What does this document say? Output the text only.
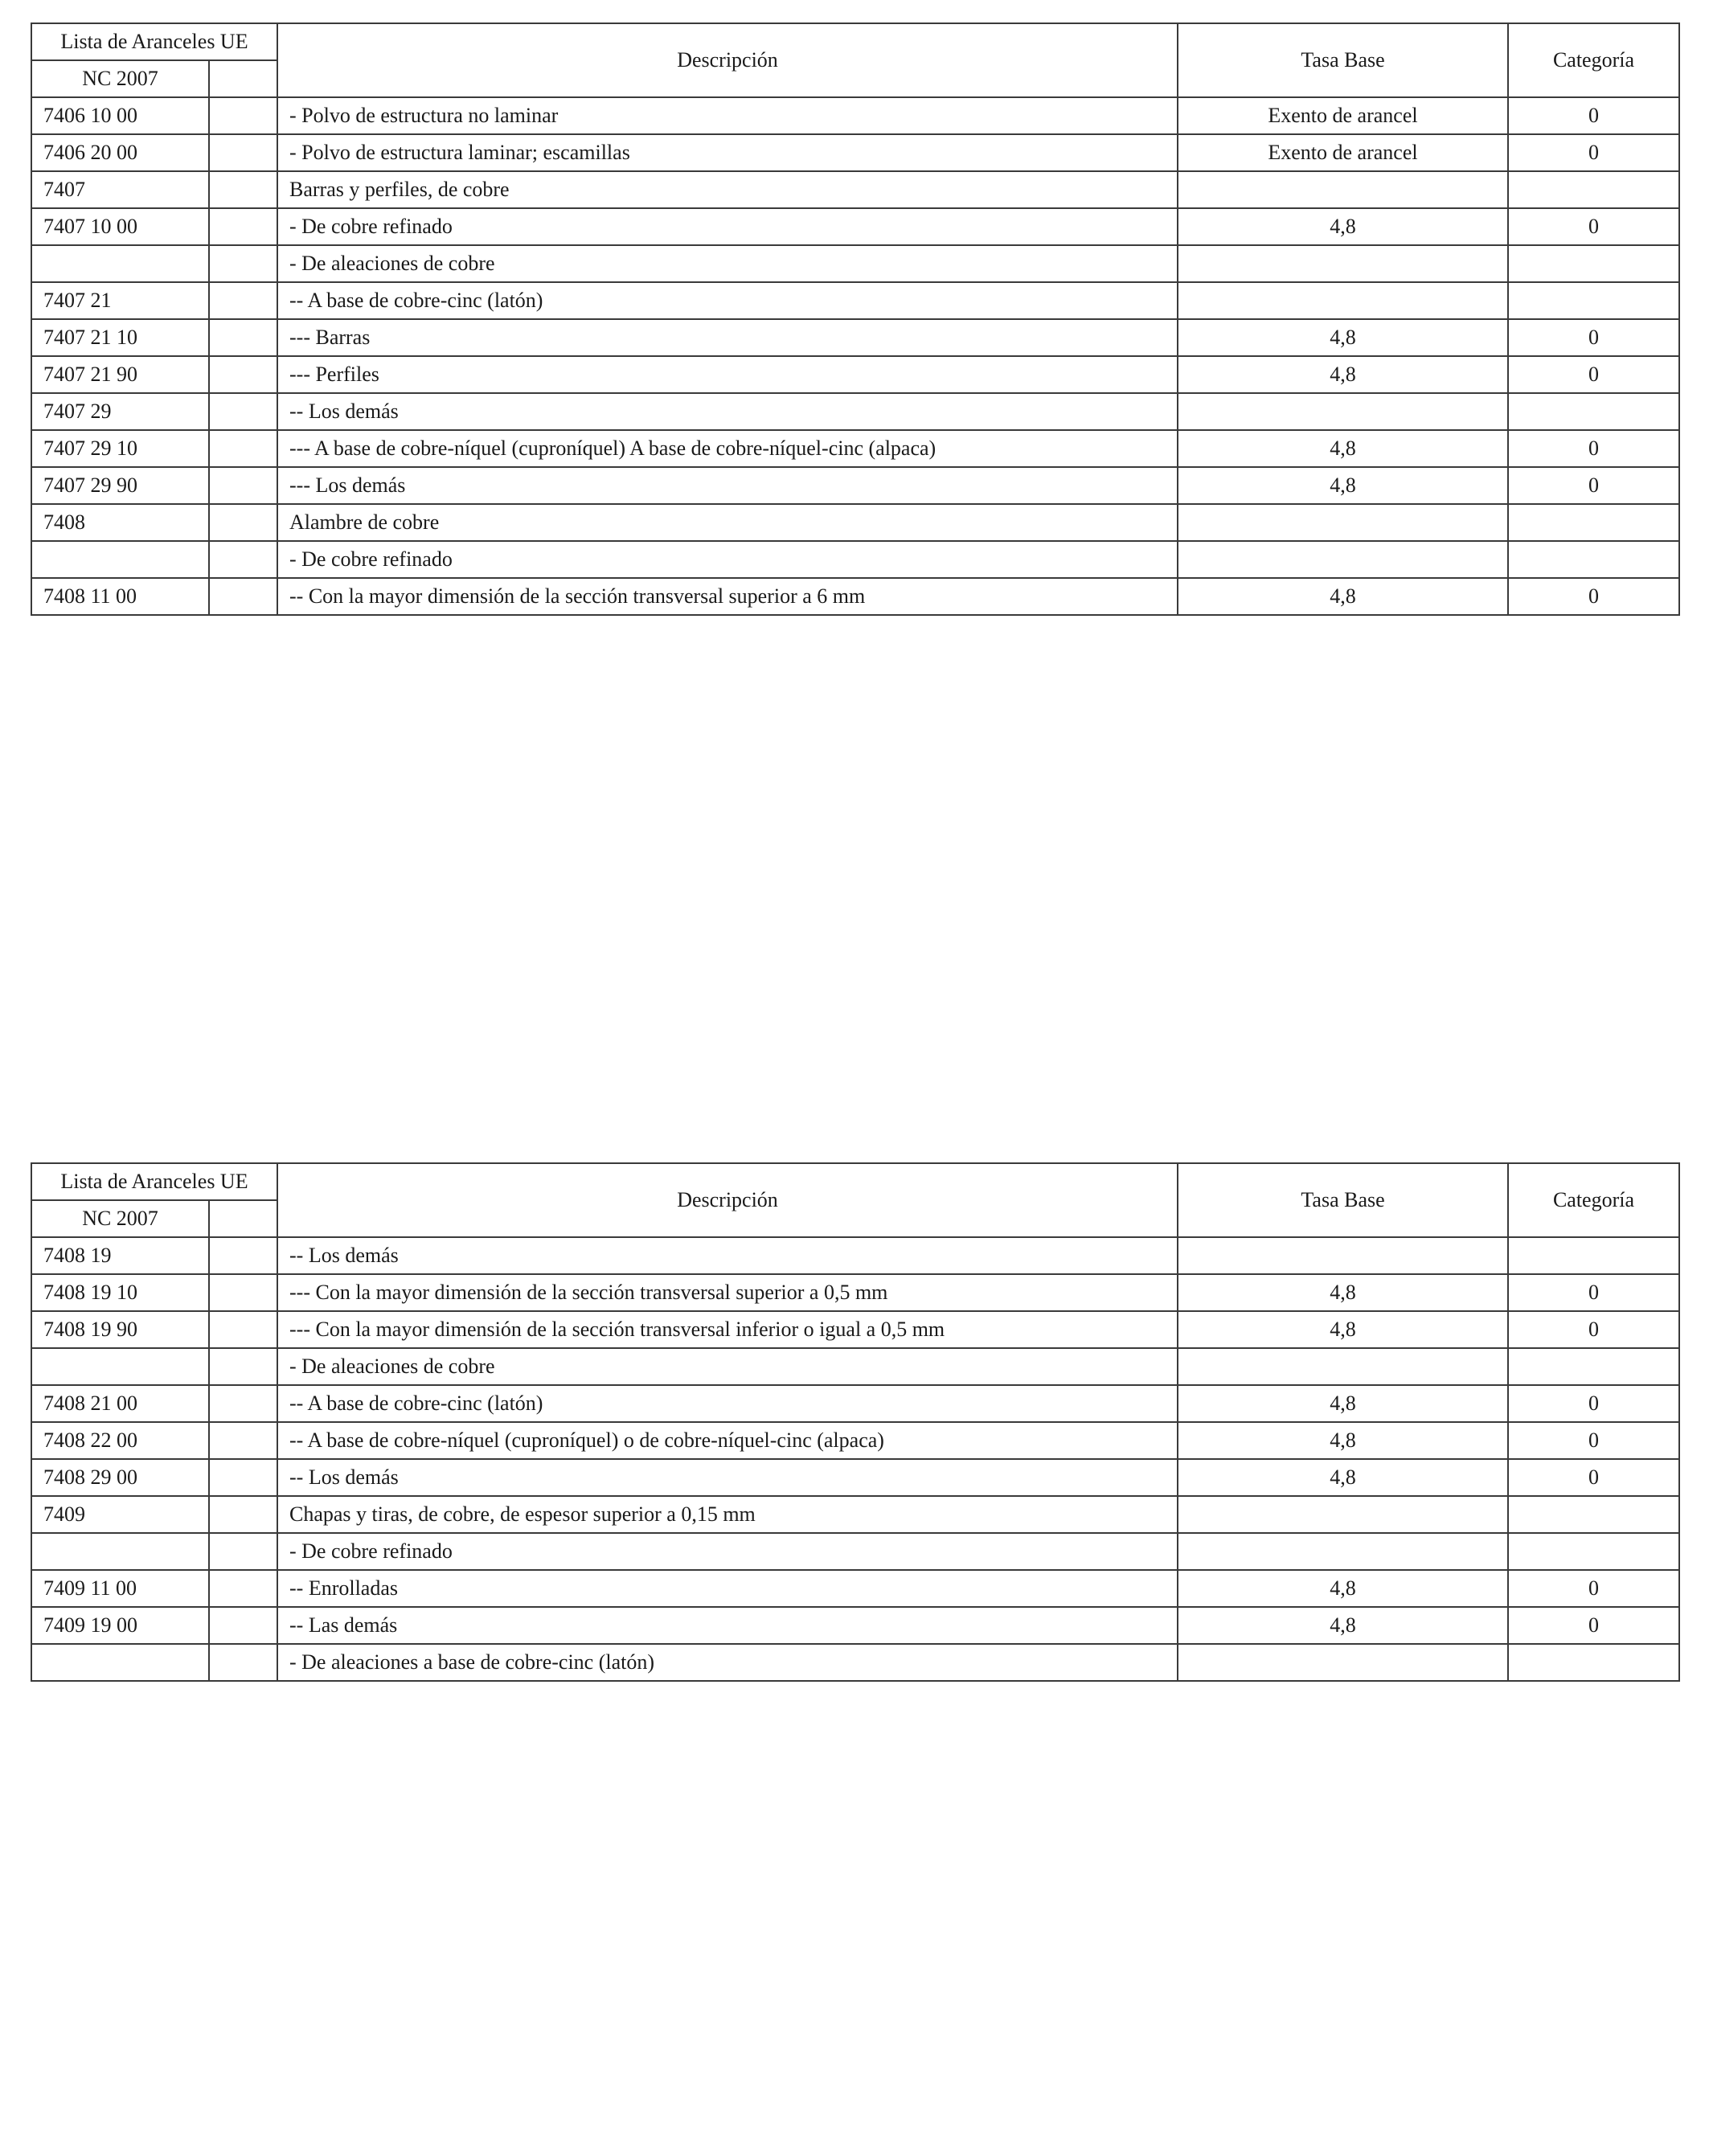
Lista de Aranceles UE		Descripción	Tasa Base	Categoría
NC 2007				
7406 10 00		- Polvo de estructura no laminar	Exento de arancel	0
7406 20 00		- Polvo de estructura laminar; escamillas	Exento de arancel	0
7407		Barras y perfiles, de cobre		
7407 10 00		- De cobre refinado	4,8	0
		- De aleaciones de cobre		
7407 21		-- A base de cobre-cinc (latón)		
7407 21 10		--- Barras	4,8	0
7407 21 90		--- Perfiles	4,8	0
7407 29		-- Los demás		
7407 29 10		--- A base de cobre-níquel (cuproníquel) A base de cobre-níquel-cinc (alpaca)	4,8	0
7407 29 90		--- Los demás	4,8	0
7408		Alambre de cobre		
		- De cobre refinado		
7408 11 00		-- Con la mayor dimensión de la sección transversal superior a 6 mm	4,8	0
Lista de Aranceles UE		Descripción	Tasa Base	Categoría
NC 2007				
7408 19		-- Los demás		
7408 19 10		--- Con la mayor dimensión de la sección transversal superior a 0,5 mm	4,8	0
7408 19 90		--- Con la mayor dimensión de la sección transversal inferior o igual a 0,5 mm	4,8	0
		- De aleaciones de cobre		
7408 21 00		-- A base de cobre-cinc (latón)	4,8	0
7408 22 00		-- A base de cobre-níquel (cuproníquel) o de cobre-níquel-cinc (alpaca)	4,8	0
7408 29 00		-- Los demás	4,8	0
7409		Chapas y tiras, de cobre, de espesor superior a 0,15 mm		
		- De cobre refinado		
7409 11 00		-- Enrolladas	4,8	0
7409 19 00		-- Las demás	4,8	0
		- De aleaciones a base de cobre-cinc (latón)		
